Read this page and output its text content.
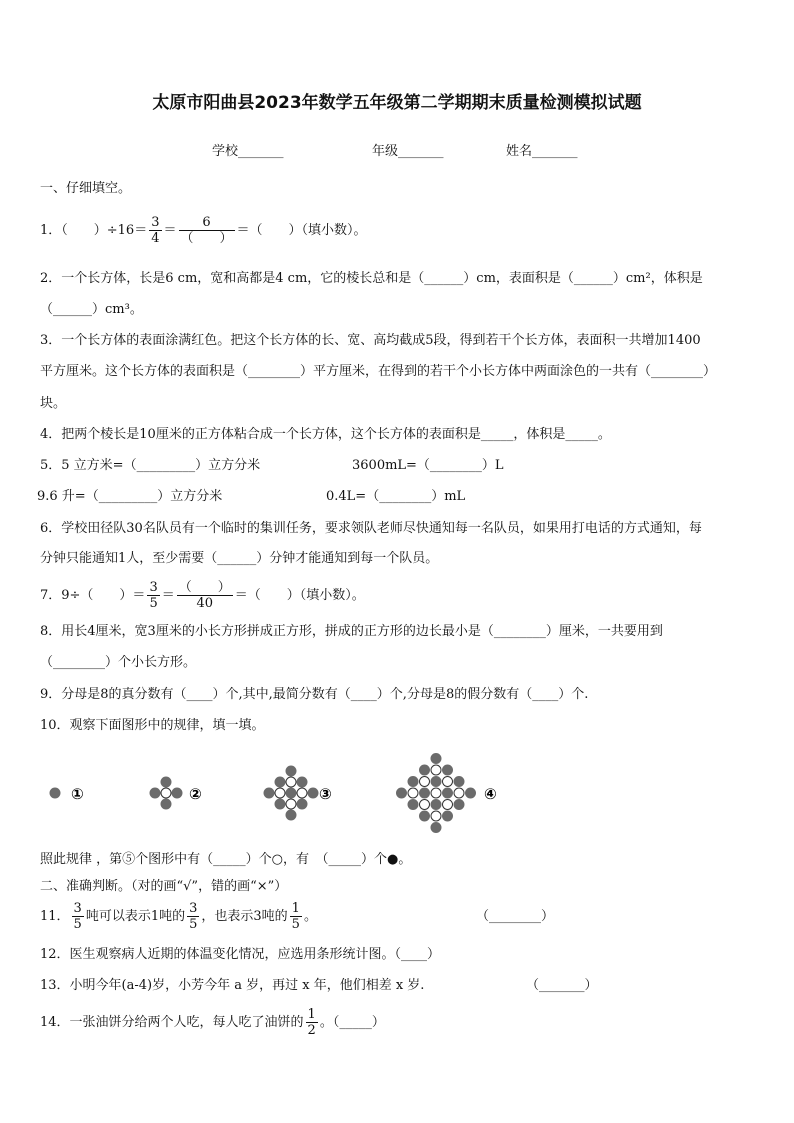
太原市阳曲县2023年数学五年级第二学期期末质量检测模拟试题
学校_______	年级_______	姓名_______
一、仔细填空。
1．（　　）$\div 16= \frac{3}{4} = \frac{6}{( )}$ ＝（　　）（填小数）。
2．一个长方体，长是6 cm，宽和高都是4 cm，它的棱长总和是（______）cm，表面积是（______）cm²，体积是
（______）cm³。
3．一个长方体的表面涂满红色。把这个长方体的长、宽、高均截成5段，得到若干个长方体，表面积一共增加1400
平方厘米。这个长方体的表面积是（________）平方厘米，在得到的若干个小长方体中两面涂色的一共有（________）
块。
4．把两个棱长是10厘米的正方体粘合成一个长方体，这个长方体的表面积是_____，体积是_____。
5．5 立方米=（_________）立方分米	3600mL=（________）L
9.6 升=（_________）立方分米	0.4L=（________）mL
6．学校田径队30名队员有一个临时的集训任务，要求领队老师尽快通知每一名队员，如果用打电话的方式通知，每
分钟只能通知1人，至少需要（______）分钟才能通知到每一个队员。
7．9÷（　　）＝ $\frac{3}{5} = \frac{( )}{40}$ ＝（　　）（填小数）。
8．用长4厘米，宽3厘米的小长方形拼成正方形，拼成的正方形的边长最小是（________）厘米，一共要用到
（________）个小长方形。
9．分母是8的真分数有（____）个,其中,最简分数有（____）个,分母是8的假分数有（____）个.
10．观察下面图形中的规律，填一填。
①	②	③	④
照此规律 ，第⑤个图形中有（_____）个○，有　（_____）个●。
二、准确判断。（对的画“√”，错的画“×”）
11． $\frac{3}{5}$ 吨可以表示1吨的 $\frac{3}{5}$ ，也表示3吨的 $\frac{1}{5}$ 。	（________）
12．医生观察病人近期的体温变化情况，应选用条形统计图。（____）
13．小明今年(a-4)岁，小芳今年 a 岁，再过 x 年，他们相差 x 岁.	（_______）
14．一张油饼分给两个人吃，每人吃了油饼的 $\frac{1}{2}$ 。（_____）
